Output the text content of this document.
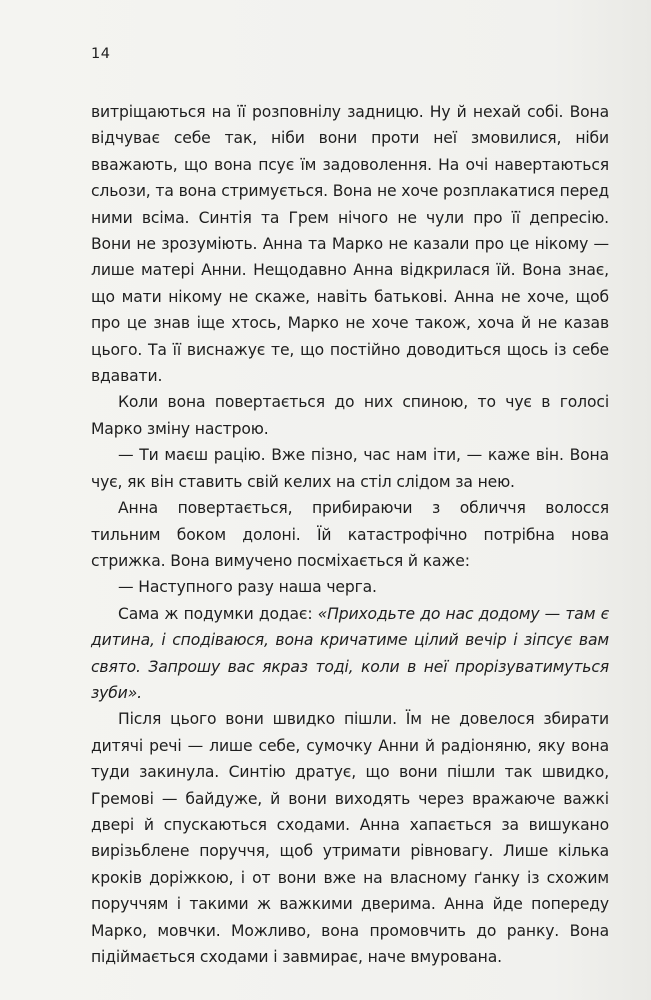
14

витріщаються на її розповнілу задницю. Ну й нехай собі. Вона відчуває себе так, ніби вони проти неї змовилися, ніби вважають, що вона псує їм задоволення. На очі навертаються сльози, та вона стримується. Вона не хоче розплакатися перед ними всіма. Синтія та Грем нічого не чули про її депресію. Вони не зрозуміють. Анна та Марко не казали про це нікому — лише матері Анни. Нещодавно Анна відкрилася їй. Вона знає, що мати нікому не скаже, навіть батькові. Анна не хоче, щоб про це знав іще хтось, Марко не хоче також, хоча й не казав цього. Та її виснажує те, що постійно доводиться щось із себе вдавати.

Коли вона повертається до них спиною, то чує в голосі Марко зміну настрою.

— Ти маєш рацію. Вже пізно, час нам іти, — каже він. Вона чує, як він ставить свій келих на стіл слідом за нею.

Анна повертається, прибираючи з обличчя волосся тильним боком долоні. Їй катастрофічно потрібна нова стрижка. Вона вимучено посміхається й каже:

— Наступного разу наша черга.

Сама ж подумки додає: «Приходьте до нас додому — там є дитина, і сподіваюся, вона кричатиме цілий вечір і зіпсує вам свято. Запрошу вас якраз тоді, коли в неї прорізуватимуться зуби».

Після цього вони швидко пішли. Їм не довелося збирати дитячі речі — лише себе, сумочку Анни й радіоняню, яку вона туди закинула. Синтію дратує, що вони пішли так швидко, Гремові — байдуже, й вони виходять через вражаюче важкі двері й спускаються сходами. Анна хапається за вишукано вирізьблене поруччя, щоб утримати рівновагу. Лише кілька кроків доріжкою, і от вони вже на власному ґанку із схожим поруччям і такими ж важкими дверима. Анна йде попереду Марко, мовчки. Можливо, вона промовчить до ранку. Вона підіймається сходами і завмирає, наче вмурована.
